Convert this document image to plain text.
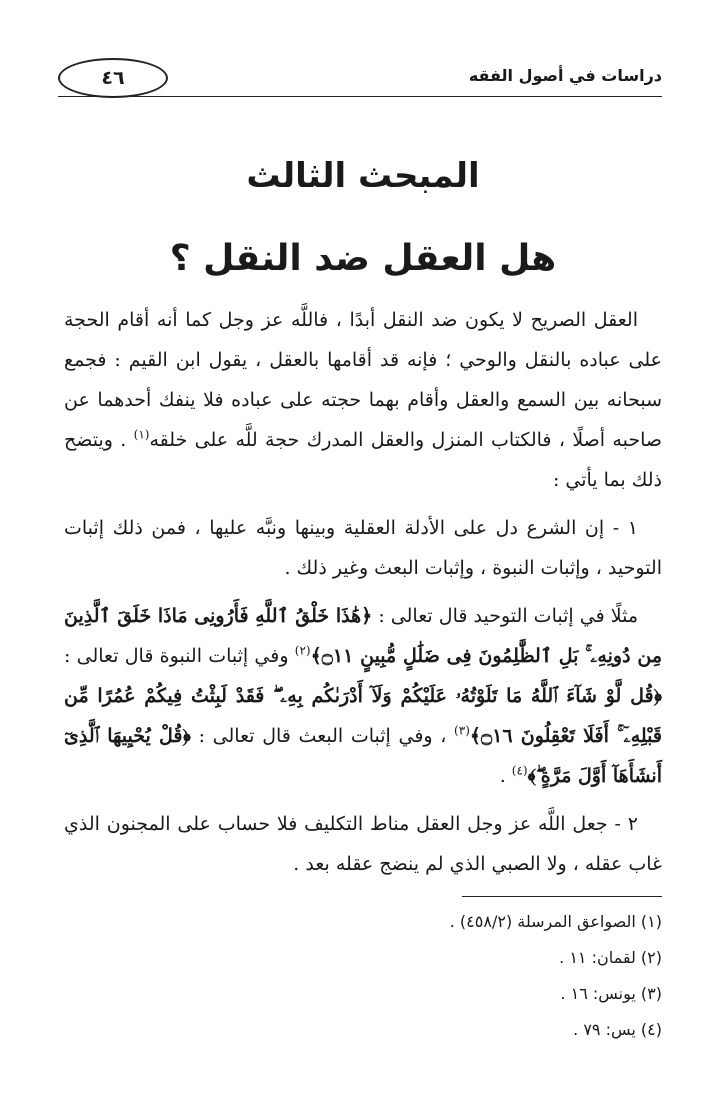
دراسات في أصول الفقه
٤٦
المبحث الثالث
هل العقل ضد النقل ؟

العقل الصريح لا يكون ضد النقل أبدًا ، فاللَّه عز وجل كما أنه أقام الحجة على عباده بالنقل والوحي ؛ فإنه قد أقامها بالعقل ، يقول ابن القيم : فجمع سبحانه بين السمع والعقل وأقام بهما حجته على عباده فلا ينفك أحدهما عن صاحبه أصلًا ، فالكتاب المنزل والعقل المدرك حجة للَّه على خلقه$^{(١)}$ . ويتضح ذلك بما يأتي :

١ - إن الشرع دل على الأدلة العقلية وبينها ونبَّه عليها ، فمن ذلك إثبات التوحيد ، وإثبات النبوة ، وإثبات البعث وغير ذلك .

مثلًا في إثبات التوحيد قال تعالى : ﴿هَٰذَا خَلْقُ ٱللَّهِ فَأَرُونِى مَاذَا خَلَقَ ٱلَّذِينَ مِن دُونِهِۦ ۚ بَلِ ٱلظَّٰلِمُونَ فِى ضَلَٰلٍ مُّبِينٍ ۝١١﴾$^{(٢)}$ وفي إثبات النبوة قال تعالى : ﴿قُل لَّوْ شَآءَ ٱللَّهُ مَا تَلَوْتُهُۥ عَلَيْكُمْ وَلَآ أَدْرَىٰكُم بِهِۦ ۖ فَقَدْ لَبِثْتُ فِيكُمْ عُمُرًا مِّن قَبْلِهِۦٓ ۚ أَفَلَا تَعْقِلُونَ ۝١٦﴾$^{(٣)}$ ، وفي إثبات البعث قال تعالى : ﴿قُلْ يُحْيِيهَا ٱلَّذِىٓ أَنشَأَهَآ أَوَّلَ مَرَّةٍ ۖ﴾$^{(٤)}$ .

٢ - جعل اللَّه عز وجل العقل مناط التكليف فلا حساب على المجنون الذي غاب عقله ، ولا الصبي الذي لم ينضج عقله بعد .

(١) الصواعق المرسلة (٤٥٨/٢) .

(٢) لقمان: ١١ .

(٣) يونس: ١٦ .

(٤) يس: ٧٩ .
